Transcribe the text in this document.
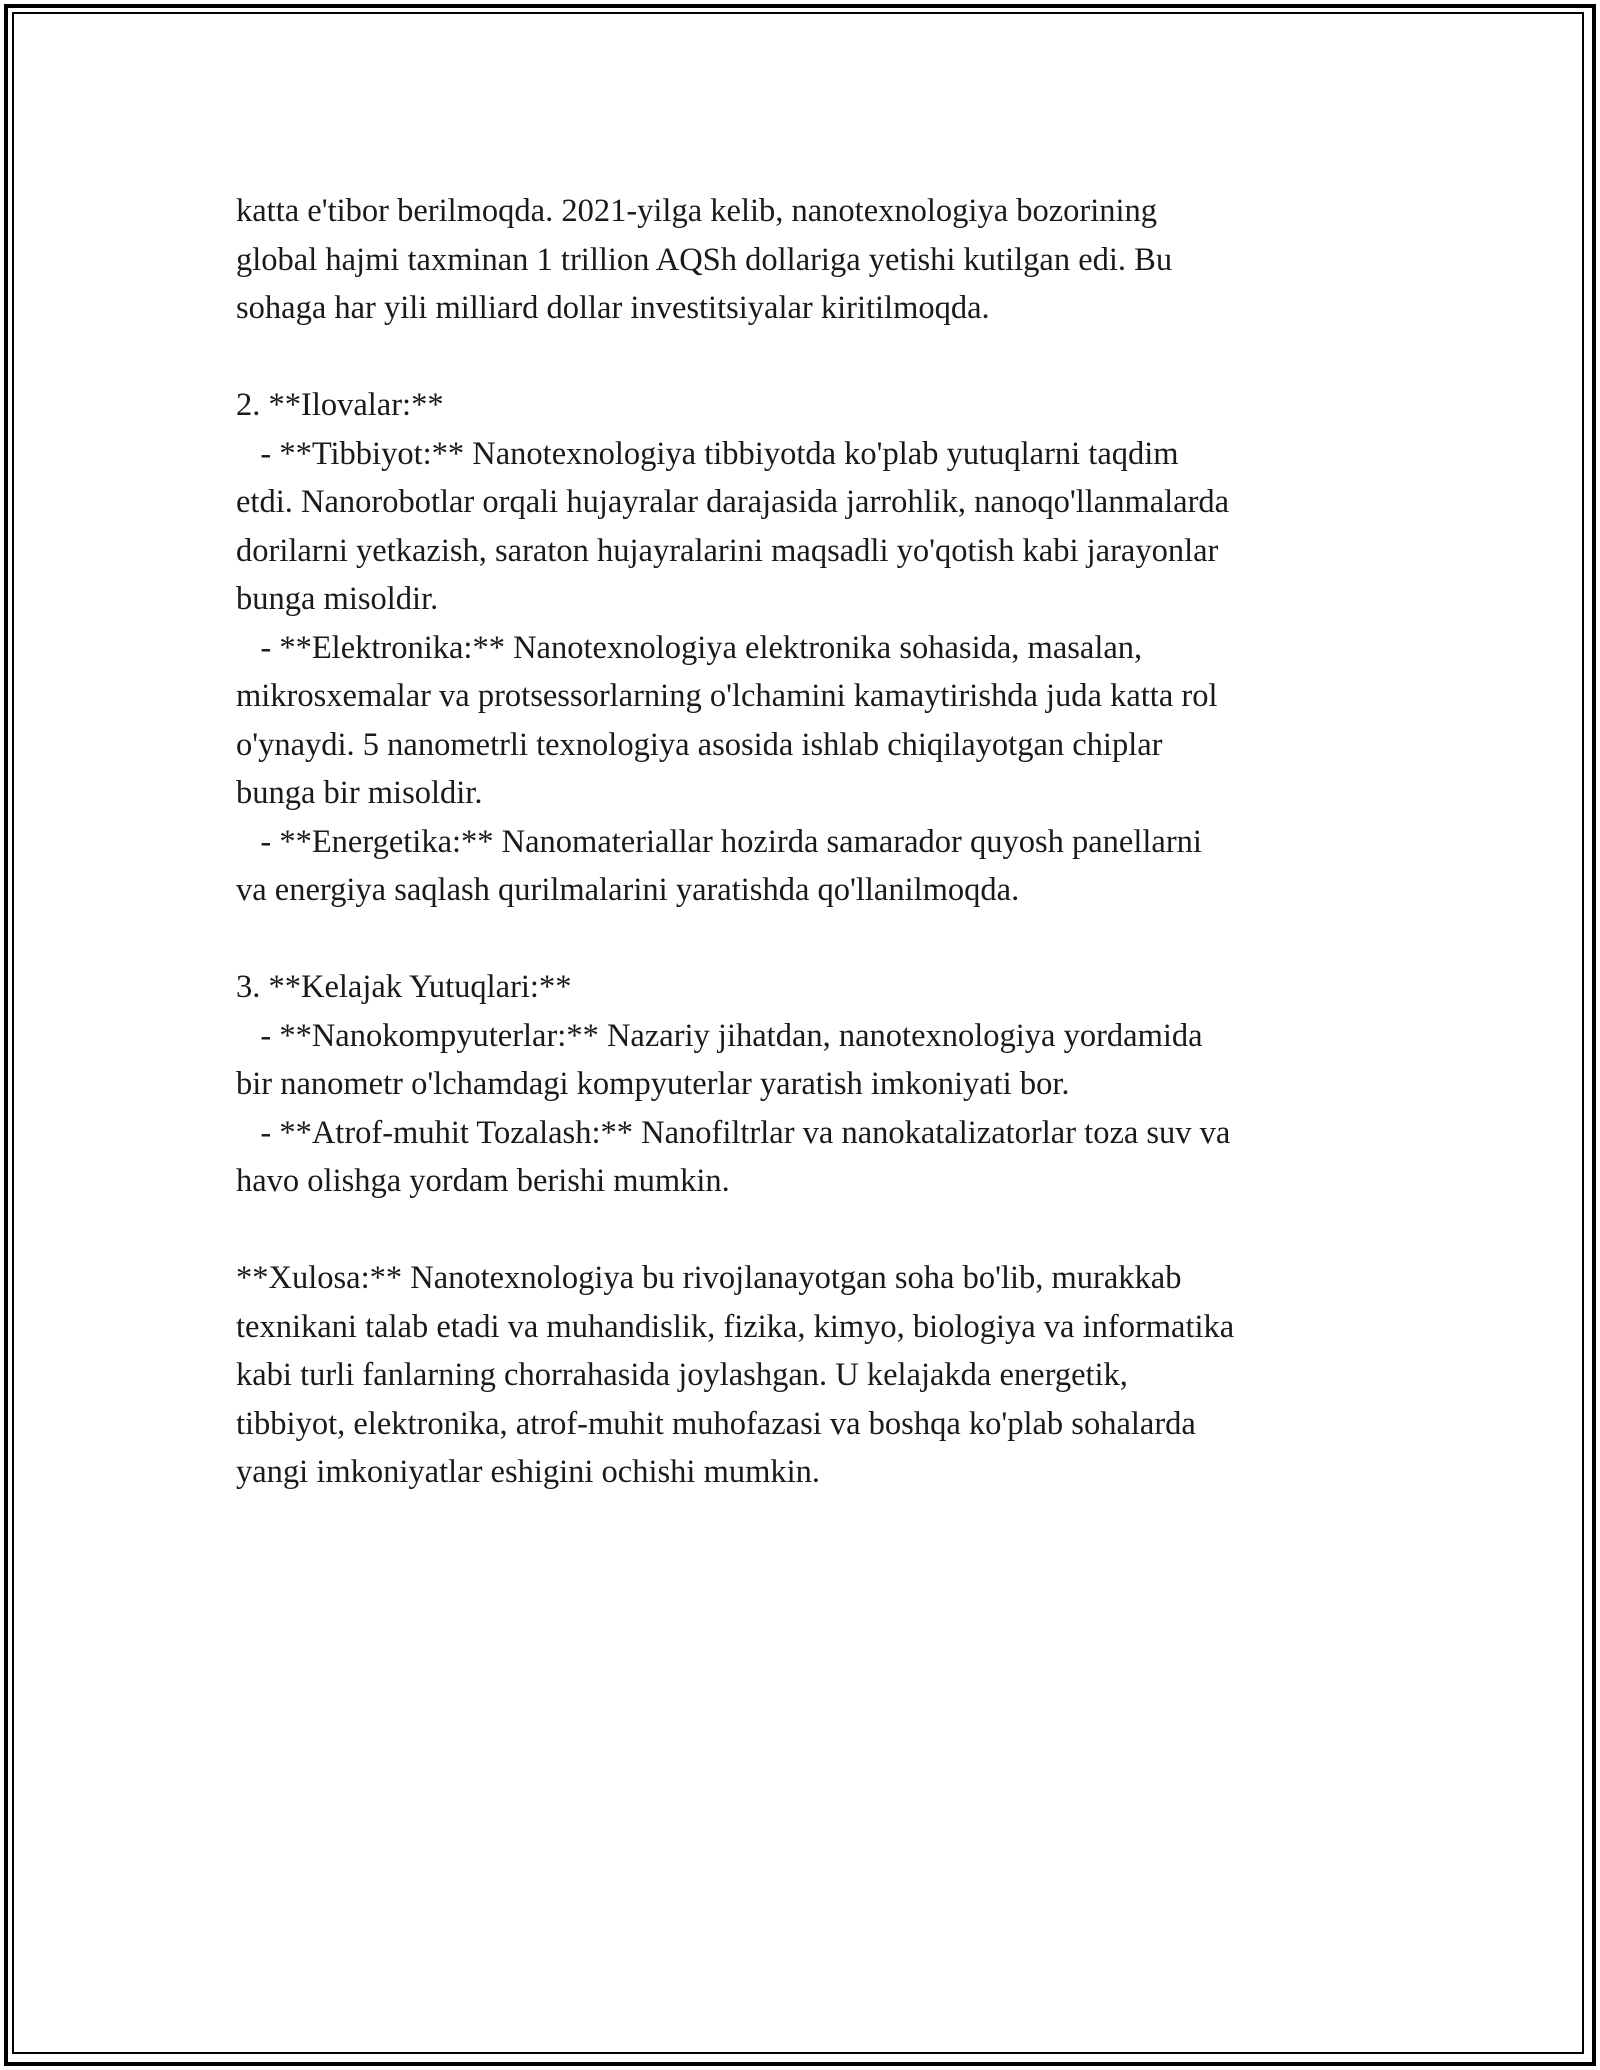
katta e'tibor berilmoqda. 2021-yilga kelib, nanotexnologiya bozorining
global hajmi taxminan 1 trillion AQSh dollariga yetishi kutilgan edi. Bu
sohaga har yili milliard dollar investitsiyalar kiritilmoqda.
2. **Ilovalar:**
- **Tibbiyot:** Nanotexnologiya tibbiyotda ko'plab yutuqlarni taqdim
etdi. Nanorobotlar orqali hujayralar darajasida jarrohlik, nanoqo'llanmalarda
dorilarni yetkazish, saraton hujayralarini maqsadli yo'qotish kabi jarayonlar
bunga misoldir.
- **Elektronika:** Nanotexnologiya elektronika sohasida, masalan,
mikrosxemalar va protsessorlarning o'lchamini kamaytirishda juda katta rol
o'ynaydi. 5 nanometrli texnologiya asosida ishlab chiqilayotgan chiplar
bunga bir misoldir.
- **Energetika:** Nanomateriallar hozirda samarador quyosh panellarni
va energiya saqlash qurilmalarini yaratishda qo'llanilmoqda.
3. **Kelajak Yutuqlari:**
- **Nanokompyuterlar:** Nazariy jihatdan, nanotexnologiya yordamida
bir nanometr o'lchamdagi kompyuterlar yaratish imkoniyati bor.
- **Atrof-muhit Tozalash:** Nanofiltrlar va nanokatalizatorlar toza suv va
havo olishga yordam berishi mumkin.
**Xulosa:** Nanotexnologiya bu rivojlanayotgan soha bo'lib, murakkab
texnikani talab etadi va muhandislik, fizika, kimyo, biologiya va informatika
kabi turli fanlarning chorrahasida joylashgan. U kelajakda energetik,
tibbiyot, elektronika, atrof-muhit muhofazasi va boshqa ko'plab sohalarda
yangi imkoniyatlar eshigini ochishi mumkin.
